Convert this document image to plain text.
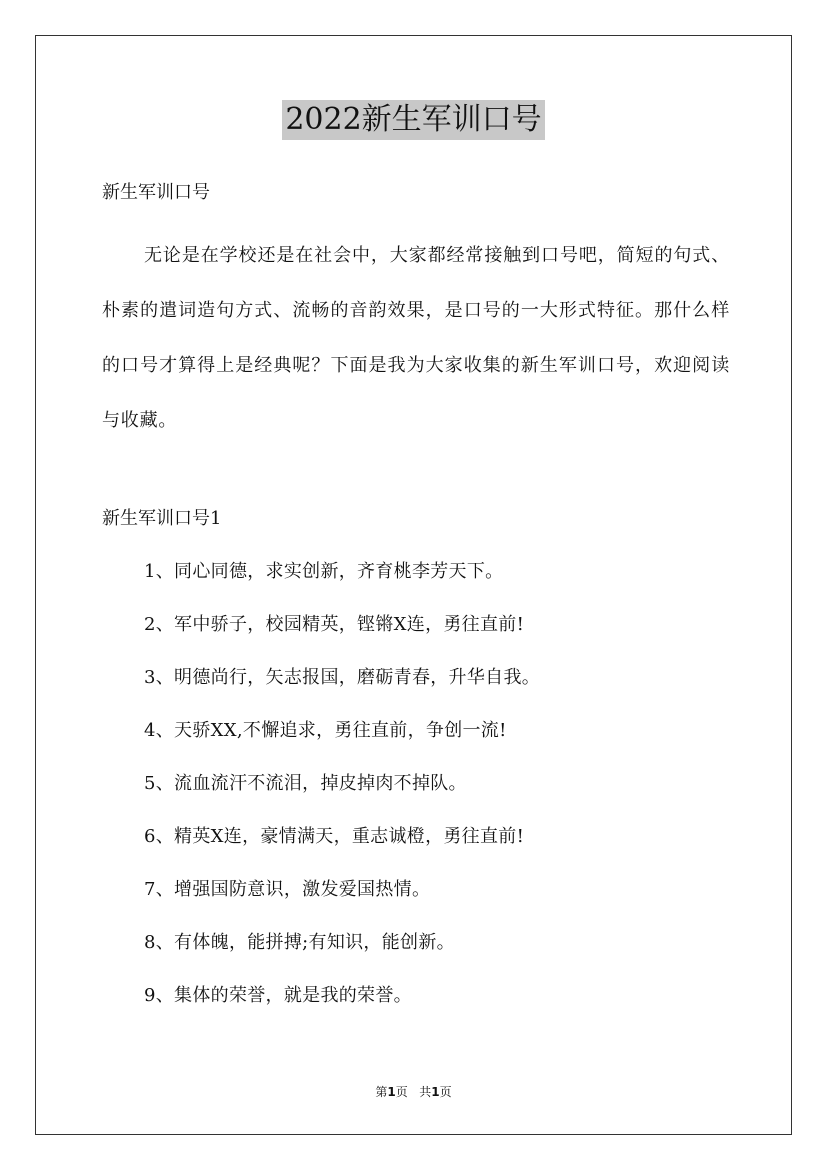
2022新生军训口号
新生军训口号

无论是在学校还是在社会中，大家都经常接触到口号吧，简短的句式、朴素的遣词造句方式、流畅的音韵效果，是口号的一大形式特征。那什么样的口号才算得上是经典呢？下面是我为大家收集的新生军训口号，欢迎阅读与收藏。

新生军训口号1
1、同心同德，求实创新，齐育桃李芳天下。
2、军中骄子，校园精英，铿锵X连，勇往直前!
3、明德尚行，矢志报国，磨砺青春，升华自我。
4、天骄XX,不懈追求，勇往直前，争创一流!
5、流血流汗不流泪，掉皮掉肉不掉队。
6、精英X连，豪情满天，重志诚橙，勇往直前!
7、增强国防意识，激发爱国热情。
8、有体魄，能拼搏;有知识，能创新。
9、集体的荣誉，就是我的荣誉。
第1页 共1页
